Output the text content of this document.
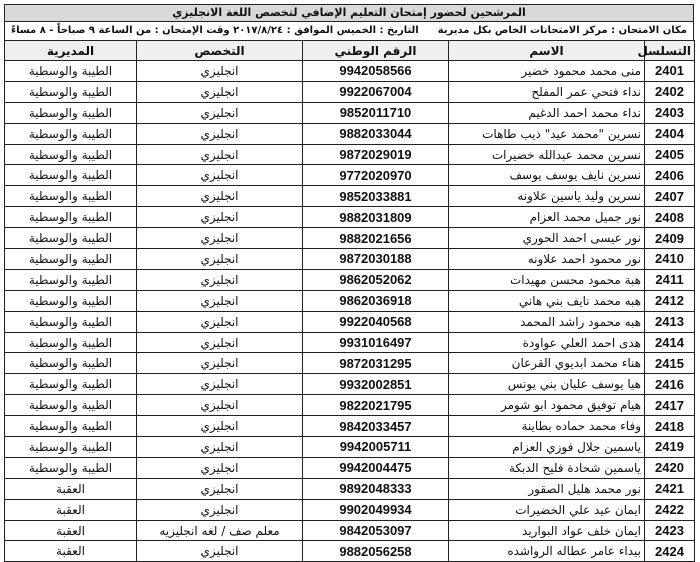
المرشحين لحضور إمتحان التعليم الإضافي لتخصص اللغة الانجليزي
مكان الامتحان : مركز الامتحانات الخاص بكل مديرية
التاريخ : الخميس الموافق : ٢٠١٧/٨/٢٤ وقت الإمتحان : من الساعة ٩ صباحاً - ٨ مساءً
التسلسل	الاسم	الرقم الوطني	التخصص	المديرية
2401	منى محمد محمود خضير	9942058566	انجليزي	الطيبة والوسطية
2402	نداء فتحي عمر المفلح	9922067004	انجليزي	الطيبة والوسطية
2403	نداء محمد احمد الدغيم	9852011710	انجليزي	الطيبة والوسطية
2404	نسرين "محمد عيد" ذيب طاهات	9882033044	انجليزي	الطيبة والوسطية
2405	نسرين محمد عبدالله خضيرات	9872029019	انجليزي	الطيبة والوسطية
2406	نسرين نايف يوسف يوسف	9772020970	انجليزي	الطيبة والوسطية
2407	نسرين وليد ياسين علاونه	9852033881	انجليزي	الطيبة والوسطية
2408	نور جميل محمد العزام	9882031809	انجليزي	الطيبة والوسطية
2409	نور عيسى احمد الحوري	9882021656	انجليزي	الطيبة والوسطية
2410	نور محمود احمد علاونه	9872030188	انجليزي	الطيبة والوسطية
2411	هبة محمود محسن مهيدات	9862052062	انجليزي	الطيبة والوسطية
2412	هبه محمد نايف بني هاني	9862036918	انجليزي	الطيبة والوسطية
2413	هبه محمود راشد المحمد	9922040568	انجليزي	الطيبة والوسطية
2414	هدى احمد العلي عواودة	9931016497	انجليزي	الطيبة والوسطية
2415	هناء محمد ابديوي القرعان	9872031295	انجليزي	الطيبة والوسطية
2416	هيا يوسف عليان بني يونس	9932002851	انجليزي	الطيبة والوسطية
2417	هيام توفيق محمود ابو شومر	9822021795	انجليزي	الطيبة والوسطية
2418	وفاء محمد حماده بطاينة	9842033457	انجليزي	الطيبة والوسطية
2419	ياسمين جلال فوزي العزام	9942005711	انجليزي	الطيبة والوسطية
2420	ياسمين شحادة فليح الدبكة	9942004475	انجليزي	الطيبة والوسطية
2421	نور محمد هليل الصقور	9892048333	انجليزي	العقبة
2422	ايمان عيد علي الخضيرات	9902049934	انجليزي	العقبة
2423	ايمان خلف عواد البواريد	9842053097	معلم صف / لغه انجليزيه	العقبة
2424	بيداء عامر عطاله الرواشده	9882056258	انجليزي	العقبة
